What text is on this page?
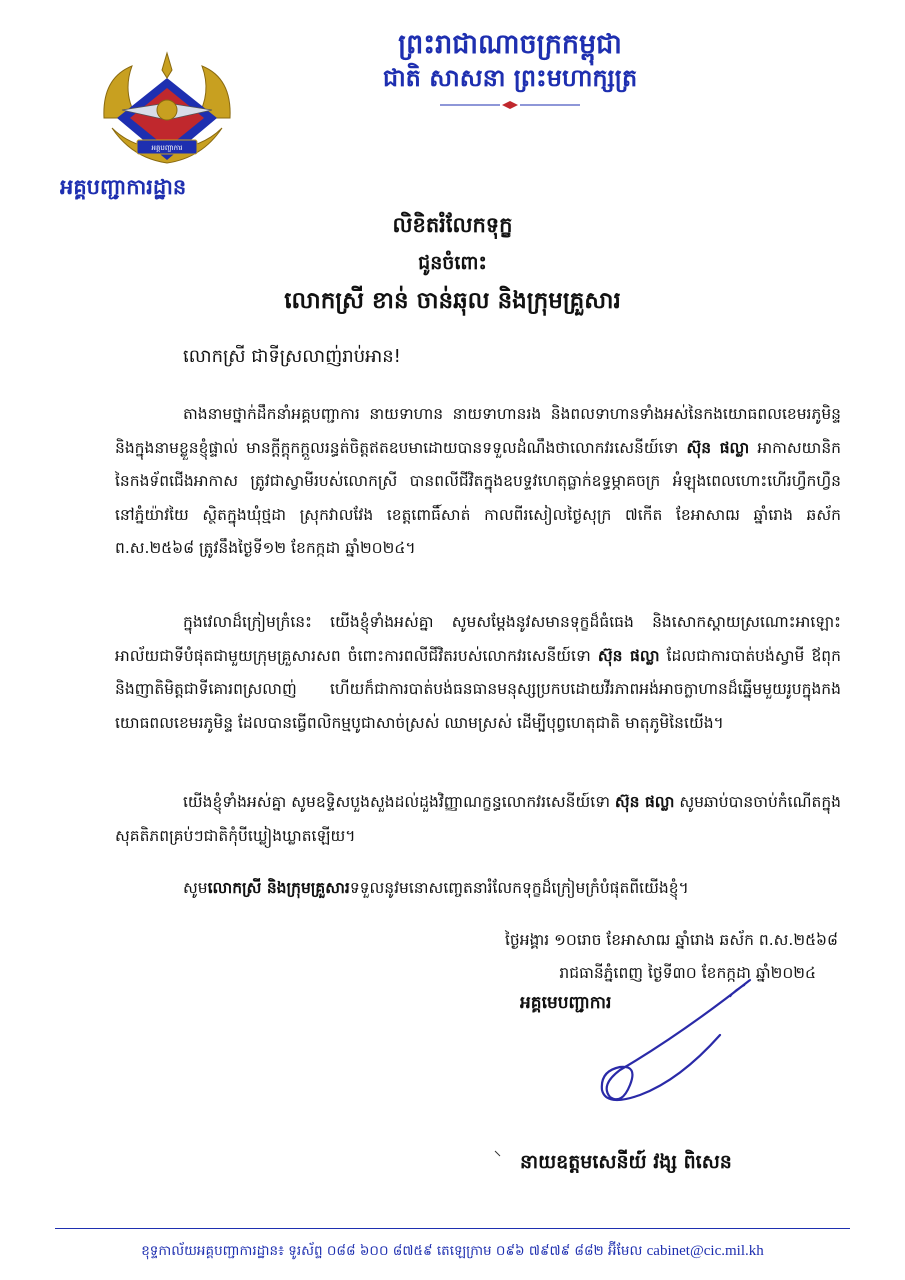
ព្រះរាជាណាចក្រកម្ពុជា
ជាតិ សាសនា ព្រះមហាក្សត្រ
អគ្គបញ្ជាការ
អគ្គបញ្ជាការដ្ឋាន
លិខិតរំលែកទុក្ខ
ជូនចំពោះ
លោកស្រី ខាន់ ចាន់ឆុល និងក្រុមគ្រួសារ
លោកស្រី ជាទីស្រលាញ់រាប់អាន!
តាងនាមថ្នាក់ដឹកនាំអគ្គបញ្ជាការ នាយទាហាន នាយទាហានរង និងពលទាហានទាំងអស់នៃកងយោធពលខេមរភូមិន្ទ និងក្នុងនាមខ្លួនខ្ញុំផ្ទាល់ មានក្តីក្តុកក្តួលរន្ធត់ចិត្តឥតឧបមាដោយបានទទួលដំណឹងថាលោកវរសេនីយ៍ទោ ស៊ុន ផល្លា អាកាសយានិកនៃកងទ័ពជើងអាកាស ត្រូវជាស្វាមីរបស់លោកស្រី បានពលីជីវិតក្នុងឧបទ្ទវហេតុធ្លាក់ឧទ្ធម្ភាគចក្រ អំឡុងពេលហោះហើរហ្វឹកហ្វឺន នៅភ្នំយ៉ាវយៃ ស្ថិតក្នុងឃុំថ្មដា ស្រុកវាលវែង ខេត្តពោធិ៍សាត់ កាលពីរសៀលថ្ងៃសុក្រ ៧កើត ខែអាសាឍ ឆ្នាំរោង ឆស័ក ព.ស.២៥៦៨ ត្រូវនឹងថ្ងៃទី១២ ខែកក្កដា ឆ្នាំ២០២៤។
ក្នុងវេលាដ៏ក្រៀមក្រំនេះ យើងខ្ញុំទាំងអស់គ្នា សូមសម្តែងនូវសមានទុក្ខដ៏ធំធេង និងសោកស្តាយស្រណោះអាឡោះអាល័យជាទីបំផុតជាមួយក្រុមគ្រួសារសព ចំពោះការពលីជីវិតរបស់លោកវរសេនីយ៍ទោ ស៊ុន ផល្លា ដែលជាការបាត់បង់ស្វាមី ឪពុក និងញាតិមិត្តជាទីគោរពស្រលាញ់ ហើយក៏ជាការបាត់បង់ធនធានមនុស្សប្រកបដោយវីរភាពអង់អាចក្លាហានដ៏ឆ្នើមមួយរូបក្នុងកងយោធពលខេមរភូមិន្ទ ដែលបានធ្វើពលិកម្មបូជាសាច់ស្រស់ ឈាមស្រស់ ដើម្បីបុព្វហេតុជាតិ មាតុភូមិនៃយើង។
យើងខ្ញុំទាំងអស់គ្នា សូមឧទ្ទិសបួងសួងដល់ដួងវិញ្ញាណក្ខន្ធលោកវរសេនីយ៍ទោ ស៊ុន ផល្លា សូមឆាប់បានចាប់កំណើតក្នុងសុគតិភពគ្រប់ៗជាតិកុំបីឃ្លៀងឃ្លាតឡើយ។
សូមលោកស្រី និងក្រុមគ្រួសារទទួលនូវមនោសញ្ចេតនារំលែកទុក្ខដ៏ក្រៀមក្រំបំផុតពីយើងខ្ញុំ។
ថ្ងៃអង្គារ ១០រោច ខែអាសាឍ ឆ្នាំរោង ឆស័ក ព.ស.២៥៦៨
រាជធានីភ្នំពេញ ថ្ងៃទី៣០ ខែកក្កដា ឆ្នាំ២០២៤
អគ្គមេបញ្ជាការ
នាយឧត្តមសេនីយ៍ វង្ស ពិសេន
ខុទ្ទកាល័យអគ្គបញ្ជាការដ្ឋាន៖ ទូរស័ព្ទ ០៨៨ ៦០០ ៨៧៥៩ តេឡេក្រាម ០៩៦ ៧៩៧៩ ៨៨២ អ៊ីមែល cabinet@cic.mil.kh
